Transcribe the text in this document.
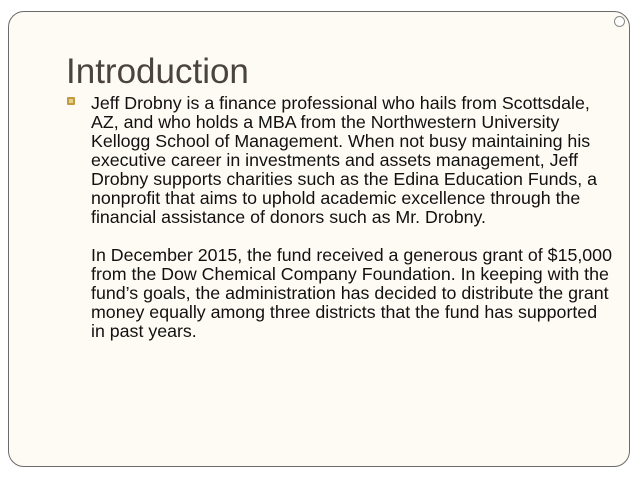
Introduction

Jeff Drobny is a finance professional who hails from Scottsdale, AZ, and who holds a MBA from the Northwestern University Kellogg School of Management. When not busy maintaining his executive career in investments and assets management, Jeff Drobny supports charities such as the Edina Education Funds, a nonprofit that aims to uphold academic excellence through the financial assistance of donors such as Mr. Drobny.

In December 2015, the fund received a generous grant of $15,000 from the Dow Chemical Company Foundation. In keeping with the fund’s goals, the administration has decided to distribute the grant money equally among three districts that the fund has supported in past years.
